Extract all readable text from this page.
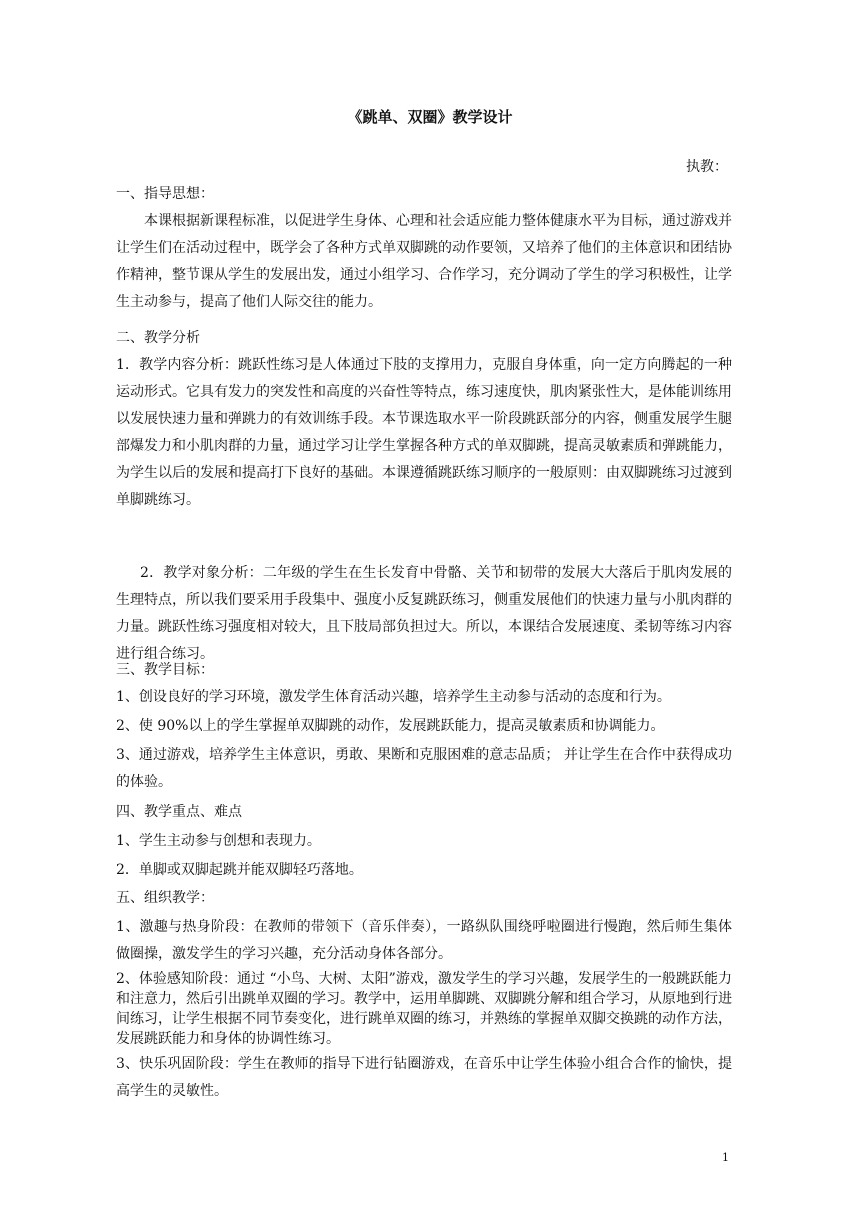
《跳单、双圈》教学设计

执教：

一、指导思想：

本课根据新课程标准，以促进学生身体、心理和社会适应能力整体健康水平为目标，通过游戏并让学生们在活动过程中，既学会了各种方式单双脚跳的动作要领，又培养了他们的主体意识和团结协作精神，整节课从学生的发展出发，通过小组学习、合作学习，充分调动了学生的学习积极性，让学生主动参与，提高了他们人际交往的能力。

二、教学分析

1．教学内容分析：跳跃性练习是人体通过下肢的支撑用力，克服自身体重，向一定方向腾起的一种运动形式。它具有发力的突发性和高度的兴奋性等特点，练习速度快，肌肉紧张性大，是体能训练用以发展快速力量和弹跳力的有效训练手段。本节课选取水平一阶段跳跃部分的内容，侧重发展学生腿部爆发力和小肌肉群的力量，通过学习让学生掌握各种方式的单双脚跳，提高灵敏素质和弹跳能力，为学生以后的发展和提高打下良好的基础。本课遵循跳跃练习顺序的一般原则：由双脚跳练习过渡到单脚跳练习。

2．教学对象分析：二年级的学生在生长发育中骨骼、关节和韧带的发展大大落后于肌肉发展的生理特点，所以我们要采用手段集中、强度小反复跳跃练习，侧重发展他们的快速力量与小肌肉群的力量。跳跃性练习强度相对较大，且下肢局部负担过大。所以，本课结合发展速度、柔韧等练习内容进行组合练习。

三、教学目标：

1、创设良好的学习环境，激发学生体育活动兴趣，培养学生主动参与活动的态度和行为。

2、使 90%以上的学生掌握单双脚跳的动作，发展跳跃能力，提高灵敏素质和协调能力。

3、通过游戏，培养学生主体意识，勇敢、果断和克服困难的意志品质； 并让学生在合作中获得成功的体验。

四、教学重点、难点

1、学生主动参与创想和表现力。

2．单脚或双脚起跳并能双脚轻巧落地。

五、组织教学：

1、激趣与热身阶段：在教师的带领下（音乐伴奏），一路纵队围绕呼啦圈进行慢跑，然后师生集体做圈操，激发学生的学习兴趣，充分活动身体各部分。

2、体验感知阶段：通过 “小鸟、大树、太阳”游戏，激发学生的学习兴趣，发展学生的一般跳跃能力和注意力，然后引出跳单双圈的学习。教学中，运用单脚跳、双脚跳分解和组合学习，从原地到行进间练习，让学生根据不同节奏变化，进行跳单双圈的练习，并熟练的掌握单双脚交换跳的动作方法，发展跳跃能力和身体的协调性练习。

3、快乐巩固阶段：学生在教师的指导下进行钻圈游戏，在音乐中让学生体验小组合合作的愉快，提高学生的灵敏性。

1
